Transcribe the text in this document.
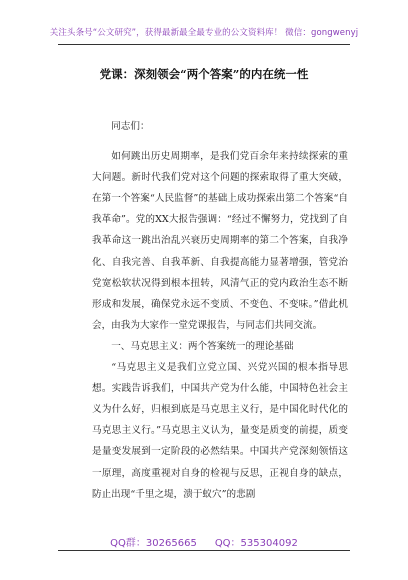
关注头条号“公文研究”，获得最新最全最专业的公文资料库！ 微信：gongwenyj
党课：深刻领会“两个答案”的内在统一性

同志们：

如何跳出历史周期率，是我们党百余年来持续探索的重大问题。新时代我们党对这个问题的探索取得了重大突破，在第一个答案“人民监督”的基础上成功探索出第二个答案“自我革命”。党的XX大报告强调：“经过不懈努力，党找到了自我革命这一跳出治乱兴衰历史周期率的第二个答案，自我净化、自我完善、自我革新、自我提高能力显著增强，管党治党宽松软状况得到根本扭转，风清气正的党内政治生态不断形成和发展，确保党永远不变质、不变色、不变味。”借此机会，由我为大家作一堂党课报告，与同志们共同交流。

一、马克思主义：两个答案统一的理论基础

“马克思主义是我们立党立国、兴党兴国的根本指导思想。实践告诉我们，中国共产党为什么能，中国特色社会主义为什么好，归根到底是马克思主义行，是中国化时代化的马克思主义行。”马克思主义认为，量变是质变的前提，质变是量变发展到一定阶段的必然结果。中国共产党深刻领悟这一原理，高度重视对自身的检视与反思，正视自身的缺点，防止出现“千里之堤，溃于蚁穴”的悲剧

QQ群：30265665 QQ：535304092
